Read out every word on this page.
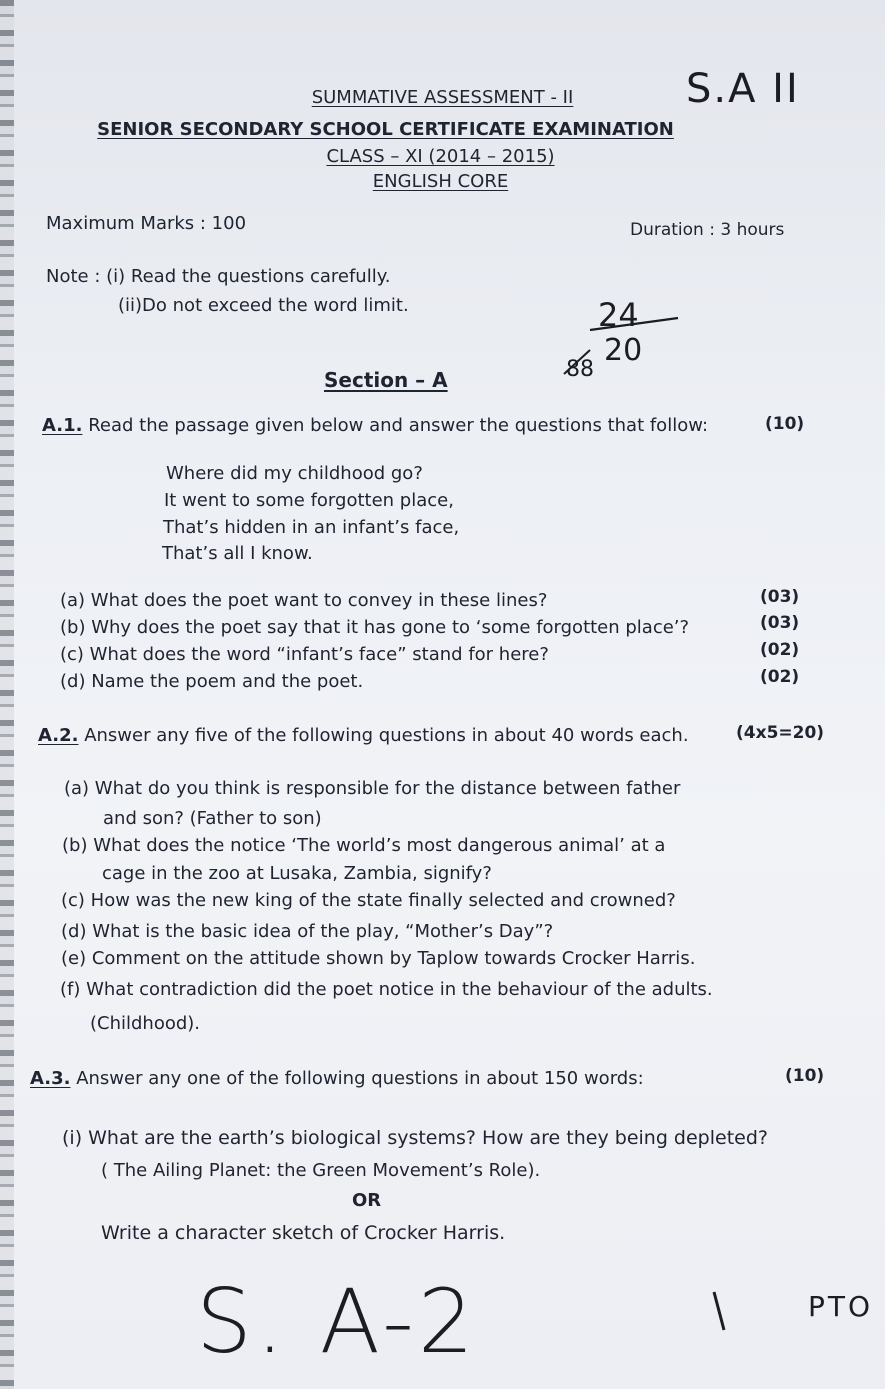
SUMMATIVE ASSESSMENT - II
SENIOR SECONDARY SCHOOL CERTIFICATE EXAMINATION
CLASS – XI (2014 – 2015)
ENGLISH CORE
Maximum Marks : 100	Duration : 3 hours
Note : (i) Read the questions carefully.
(ii)Do not exceed the word limit.
Section – A
A.1. Read the passage given below and answer the questions that follow:	(10)
Where did my childhood go?
It went to some forgotten place,
That’s hidden in an infant’s face,
That’s all I know.
(a) What does the poet want to convey in these lines?	(03)
(b) Why does the poet say that it has gone to ‘some forgotten place’?	(03)
(c) What does the word “infant’s face” stand for here?	(02)
(d) Name the poem and the poet.	(02)
A.2. Answer any five of the following questions in about 40 words each.	(4x5=20)
(a) What do you think is responsible for the distance between father
and son? (Father to son)
(b) What does the notice ‘The world’s most dangerous animal’ at a
cage in the zoo at Lusaka, Zambia, signify?
(c) How was the new king of the state finally selected and crowned?
(d) What is the basic idea of the play, “Mother’s Day”?
(e) Comment on the attitude shown by Taplow towards Crocker Harris.
(f) What contradiction did the poet notice in the behaviour of the adults.
(Childhood).
A.3. Answer any one of the following questions in about 150 words:	(10)
(i) What are the earth’s biological systems? How are they being depleted?
( The Ailing Planet: the Green Movement’s Role).
OR
Write a character sketch of Crocker Harris.
S.A II
24
88
20
S. A-2	PTO
